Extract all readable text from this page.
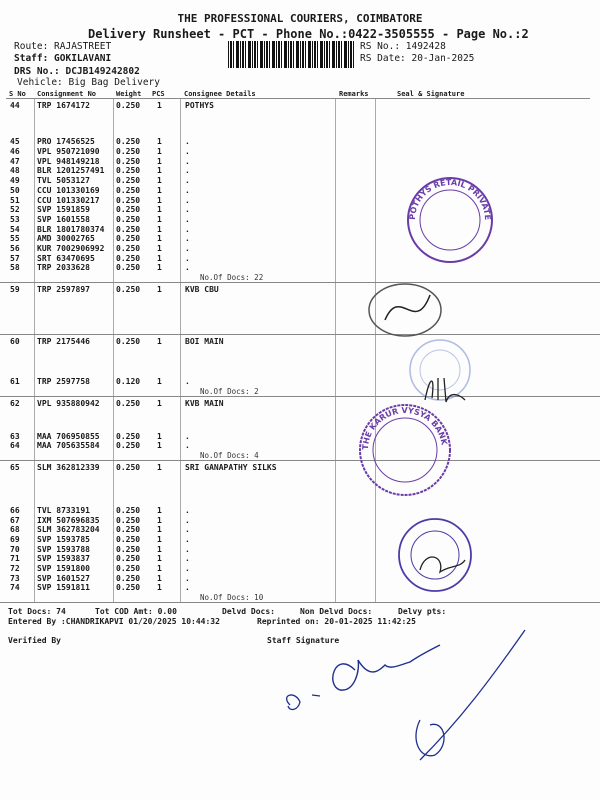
THE PROFESSIONAL COURIERS, COIMBATORE
Delivery Runsheet - PCT - Phone No.:0422-3505555 - Page No.:2
Route: RAJASTREET
Staff: GOKILAVANI
DRS No.: DCJB149242802
Vehicle: Big Bag Delivery
RS No.: 1492428
RS Date: 20-Jan-2025
S No Consignment No	Weight PCS	Consignee Details	Remarks	Seal & Signature
44 TRP 1674172	0.250 1	POTHYS
45 PRO 17456525	0.250 1	.
46 VPL 950721090 0.250 1	.
47 VPL 948149218 0.250 1	.
48 BLR 1201257491 0.250 1	.
49 TVL 5053127	0.250 1	.
50 CCU 101330169 0.250 1	.
51 CCU 101330217 0.250 1	.
52 SVP 1591859	0.250 1	.
53 SVP 1601558	0.250 1	.
54 BLR 1801780374 0.250 1	.
55 AMD 30002765	0.250 1	.
56 KUR 7002906992 0.250 1	.
57 SRT 63470695	0.250 1	.
58 TRP 2033628	0.250 1	.
No.Of Docs: 22
59 TRP 2597897	0.250 1	KVB CBU
60 TRP 2175446	0.250 1	BOI MAIN
61 TRP 2597758	0.120 1	.
No.Of Docs: 2
62 VPL 935880942 0.250 1	KVB MAIN
63 MAA 706950855 0.250 1	.
64 MAA 705635584 0.250 1	.
No.Of Docs: 4
65 SLM 362812339 0.250 1	SRI GANAPATHY SILKS
66 TVL 8733191	0.250 1	.
67 IXM 507696835 0.250 1	.
68 SLM 362783204 0.250 1	.
69 SVP 1593785	0.250 1	.
70 SVP 1593788	0.250 1	.
71 SVP 1593837	0.250 1	.
72 SVP 1591800	0.250 1	.
73 SVP 1601527	0.250 1	.
74 SVP 1591811	0.250 1	.
No.Of Docs: 10
Tot Docs: 74	Tot COD Amt: 0.00	Delvd Docs:	Non Delvd Docs:	Delvy pts:
Entered By :CHANDRIKAPVI 01/20/2025 10:44:32	Reprinted on: 20-01-2025 11:42:25
Verified By	Staff Signature
POTHYS RETAIL PRIVATE
THE KARUR VYSYA BANK
